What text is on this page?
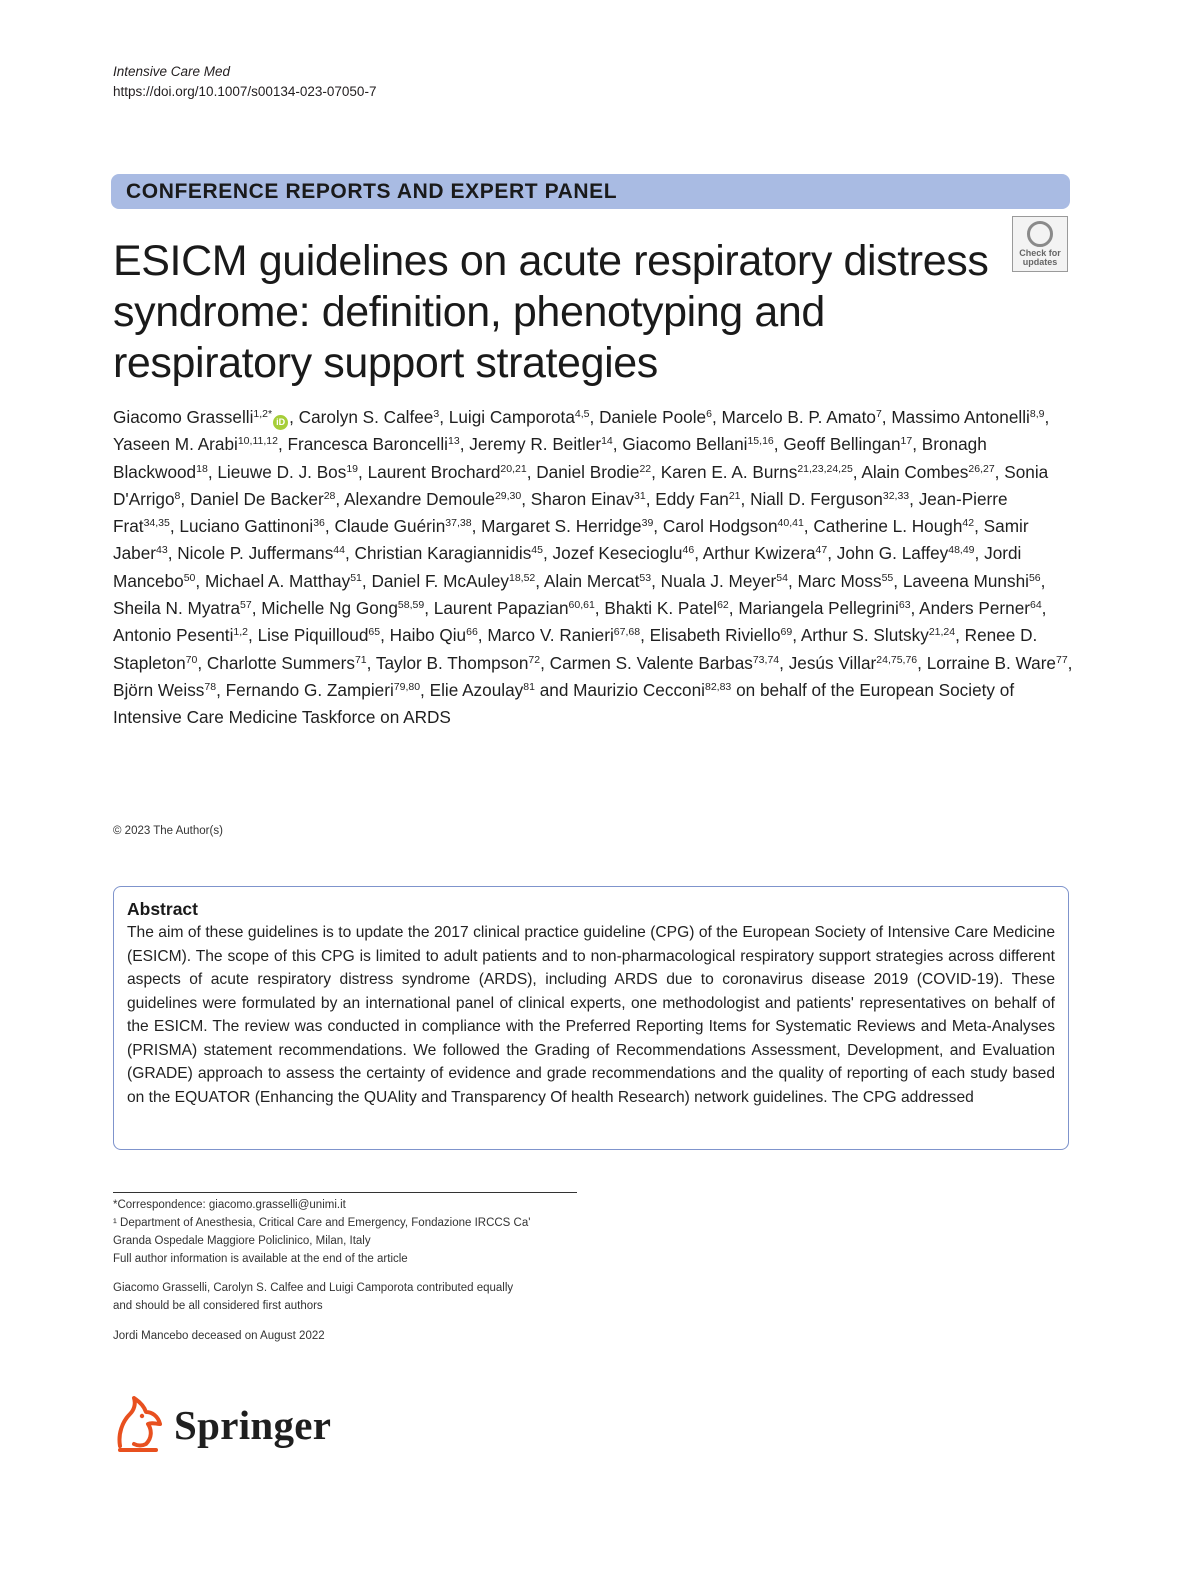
Intensive Care Med
https://doi.org/10.1007/s00134-023-07050-7
CONFERENCE REPORTS AND EXPERT PANEL
ESICM guidelines on acute respiratory distress syndrome: definition, phenotyping and respiratory support strategies
Check for updates
Giacomo Grasselli$^{1,2*}$iD , Carolyn S. Calfee$^3$, Luigi Camporota$^{4,5}$, Daniele Poole$^6$, Marcelo B. P. Amato$^7$, Massimo Antonelli$^{8,9}$, Yaseen M. Arabi$^{10,11,12}$, Francesca Baroncelli$^{13}$, Jeremy R. Beitler$^{14}$, Giacomo Bellani$^{15,16}$, Geoff Bellingan$^{17}$, Bronagh Blackwood$^{18}$, Lieuwe D. J. Bos$^{19}$, Laurent Brochard$^{20,21}$, Daniel Brodie$^{22}$, Karen E. A. Burns$^{21,23,24,25}$, Alain Combes$^{26,27}$, Sonia D'Arrigo$^8$, Daniel De Backer$^{28}$, Alexandre Demoule$^{29,30}$, Sharon Einav$^{31}$, Eddy Fan$^{21}$, Niall D. Ferguson$^{32,33}$, Jean-Pierre Frat$^{34,35}$, Luciano Gattinoni$^{36}$, Claude Guérin$^{37,38}$, Margaret S. Herridge$^{39}$, Carol Hodgson$^{40,41}$, Catherine L. Hough$^{42}$, Samir Jaber$^{43}$, Nicole P. Juffermans$^{44}$, Christian Karagiannidis$^{45}$, Jozef Kesecioglu$^{46}$, Arthur Kwizera$^{47}$, John G. Laffey$^{48,49}$, Jordi Mancebo$^{50}$, Michael A. Matthay$^{51}$, Daniel F. McAuley$^{18,52}$, Alain Mercat$^{53}$, Nuala J. Meyer$^{54}$, Marc Moss$^{55}$, Laveena Munshi$^{56}$, Sheila N. Myatra$^{57}$, Michelle Ng Gong$^{58,59}$, Laurent Papazian$^{60,61}$, Bhakti K. Patel$^{62}$, Mariangela Pellegrini$^{63}$, Anders Perner$^{64}$, Antonio Pesenti$^{1,2}$, Lise Piquilloud$^{65}$, Haibo Qiu$^{66}$, Marco V. Ranieri$^{67,68}$, Elisabeth Riviello$^{69}$, Arthur S. Slutsky$^{21,24}$, Renee D. Stapleton$^{70}$, Charlotte Summers$^{71}$, Taylor B. Thompson$^{72}$, Carmen S. Valente Barbas$^{73,74}$, Jesús Villar$^{24,75,76}$, Lorraine B. Ware$^{77}$, Björn Weiss$^{78}$, Fernando G. Zampieri$^{79,80}$, Elie Azoulay$^{81}$ and Maurizio Cecconi$^{82,83}$ on behalf of the European Society of Intensive Care Medicine Taskforce on ARDS
© 2023 The Author(s)
Abstract

The aim of these guidelines is to update the 2017 clinical practice guideline (CPG) of the European Society of Intensive Care Medicine (ESICM). The scope of this CPG is limited to adult patients and to non-pharmacological respiratory support strategies across different aspects of acute respiratory distress syndrome (ARDS), including ARDS due to coronavirus disease 2019 (COVID-19). These guidelines were formulated by an international panel of clinical experts, one methodologist and patients' representatives on behalf of the ESICM. The review was conducted in compliance with the Preferred Reporting Items for Systematic Reviews and Meta-Analyses (PRISMA) statement recommendations. We followed the Grading of Recommendations Assessment, Development, and Evaluation (GRADE) approach to assess the certainty of evidence and grade recommendations and the quality of reporting of each study based on the EQUATOR (Enhancing the QUAlity and Transparency Of health Research) network guidelines. The CPG addressed

*Correspondence: giacomo.grasselli@unimi.it
¹ Department of Anesthesia, Critical Care and Emergency, Fondazione IRCCS Ca' Granda Ospedale Maggiore Policlinico, Milan, Italy
Full author information is available at the end of the article
Giacomo Grasselli, Carolyn S. Calfee and Luigi Camporota contributed equally and should be all considered first authors
Jordi Mancebo deceased on August 2022
Springer
